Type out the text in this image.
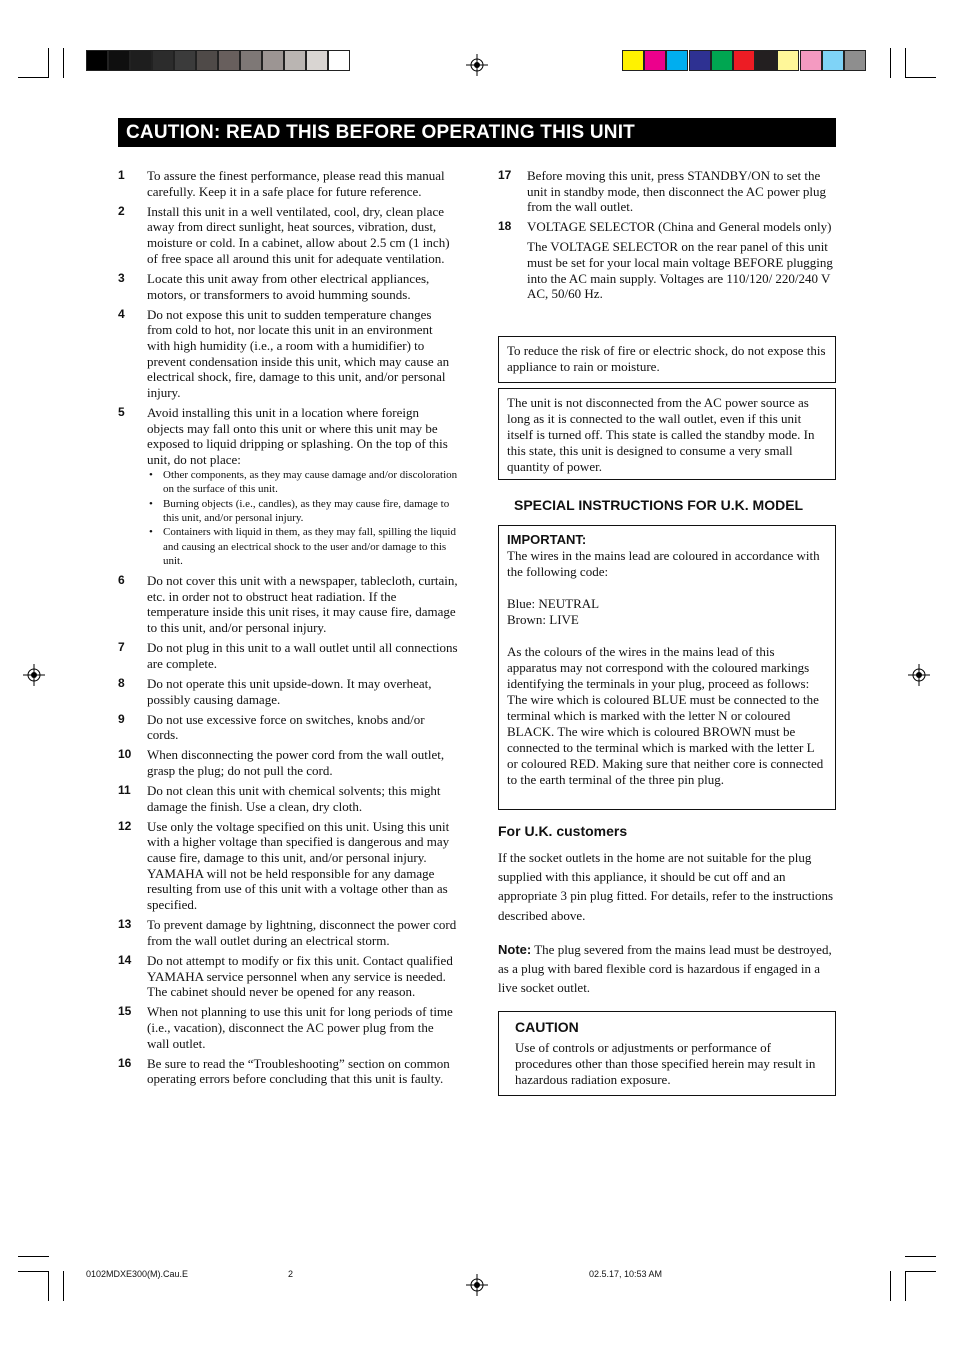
CAUTION: READ THIS BEFORE OPERATING THIS UNIT
1 To assure the finest performance, please read this manual carefully. Keep it in a safe place for future reference.
2 Install this unit in a well ventilated, cool, dry, clean place away from direct sunlight, heat sources, vibration, dust, moisture or cold. In a cabinet, allow about 2.5 cm (1 inch) of free space all around this unit for adequate ventilation.
3 Locate this unit away from other electrical appliances, motors, or transformers to avoid humming sounds.
4 Do not expose this unit to sudden temperature changes from cold to hot, nor locate this unit in an environment with high humidity (i.e., a room with a humidifier) to prevent condensation inside this unit, which may cause an electrical shock, fire, damage to this unit, and/or personal injury.
5 Avoid installing this unit in a location where foreign objects may fall onto this unit or where this unit may be exposed to liquid dripping or splashing. On the top of this unit, do not place:
• Other components, as they may cause damage and/or discoloration on the surface of this unit.
• Burning objects (i.e., candles), as they may cause fire, damage to this unit, and/or personal injury.
• Containers with liquid in them, as they may fall, spilling the liquid and causing an electrical shock to the user and/or damage to this unit.
6 Do not cover this unit with a newspaper, tablecloth, curtain, etc. in order not to obstruct heat radiation. If the temperature inside this unit rises, it may cause fire, damage to this unit, and/or personal injury.
7 Do not plug in this unit to a wall outlet until all connections are complete.
8 Do not operate this unit upside-down. It may overheat, possibly causing damage.
9 Do not use excessive force on switches, knobs and/or cords.
10 When disconnecting the power cord from the wall outlet, grasp the plug; do not pull the cord.
11 Do not clean this unit with chemical solvents; this might damage the finish. Use a clean, dry cloth.
12 Use only the voltage specified on this unit. Using this unit with a higher voltage than specified is dangerous and may cause fire, damage to this unit, and/or personal injury. YAMAHA will not be held responsible for any damage resulting from use of this unit with a voltage other than as specified.
13 To prevent damage by lightning, disconnect the power cord from the wall outlet during an electrical storm.
14 Do not attempt to modify or fix this unit. Contact qualified YAMAHA service personnel when any service is needed. The cabinet should never be opened for any reason.
15 When not planning to use this unit for long periods of time (i.e., vacation), disconnect the AC power plug from the wall outlet.
16 Be sure to read the “Troubleshooting” section on common operating errors before concluding that this unit is faulty.
17 Before moving this unit, press STANDBY/ON to set the unit in standby mode, then disconnect the AC power plug from the wall outlet.
18 VOLTAGE SELECTOR (China and General models only)
The VOLTAGE SELECTOR on the rear panel of this unit must be set for your local main voltage BEFORE plugging into the AC main supply. Voltages are 110/120/ 220/240 V AC, 50/60 Hz.
To reduce the risk of fire or electric shock, do not expose this appliance to rain or moisture.
The unit is not disconnected from the AC power source as long as it is connected to the wall outlet, even if this unit itself is turned off. This state is called the standby mode. In this state, this unit is designed to consume a very small quantity of power.
SPECIAL INSTRUCTIONS FOR U.K. MODEL
IMPORTANT:
The wires in the mains lead are coloured in accordance with the following code:
Blue: NEUTRAL
Brown: LIVE
As the colours of the wires in the mains lead of this apparatus may not correspond with the coloured markings identifying the terminals in your plug, proceed as follows: The wire which is coloured BLUE must be connected to the terminal which is marked with the letter N or coloured BLACK. The wire which is coloured BROWN must be connected to the terminal which is marked with the letter L or coloured RED. Making sure that neither core is connected to the earth terminal of the three pin plug.
For U.K. customers
If the socket outlets in the home are not suitable for the plug supplied with this appliance, it should be cut off and an appropriate 3 pin plug fitted. For details, refer to the instructions described above.
Note: The plug severed from the mains lead must be destroyed, as a plug with bared flexible cord is hazardous if engaged in a live socket outlet.
CAUTION
Use of controls or adjustments or performance of procedures other than those specified herein may result in hazardous radiation exposure.
0102MDXE300(M).Cau.E	2	02.5.17, 10:53 AM
